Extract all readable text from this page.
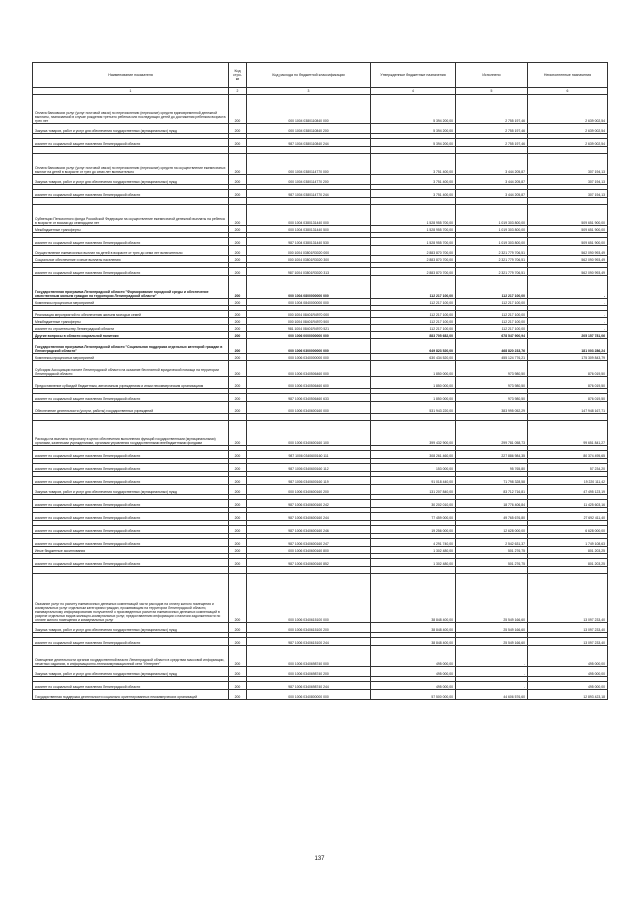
Наименование показателя	Код стро- ки	Код расхода по бюджетной классификации	Утвержденные бюджетные назначения	Исполнено	Неисполненные назначения
1	2	3	4	5	6
Оплата банковских услуг (услуг почтовой связи) по перечислению (пересылке) средств единовременной денежной выплаты, назначаемой в случае рождения третьего ребенка или последующих детей до достижения ребенком возраста трех лет	200	000 1004 0380110840 000	5 394 200,00	2 755 197,46	2 639 002,54
Закупка товаров, работ и услуг для обеспечения государственных (муниципальных) нужд	200	000 1004 0380110840 200	5 394 200,00	2 755 197,46	2 639 002,54

комитет по социальной защите населения Ленинградской области	200	987 1004 0380110840 244	5 394 200,00	2 755 197,46	2 639 002,54

Оплата банковских услуг (услуг почтовой связи) по перечислению (пересылке) средств на осуществление ежемесячных выплат на детей в возрасте от трех до семи лет включительно	200	000 1004 0380114770 000	3 751 400,00	3 444 205,87	307 194,13
Закупка товаров, работ и услуг для обеспечения государственных (муниципальных) нужд	200	000 1004 0380114770 200	3 751 400,00	3 444 205,87	307 194,13

комитет по социальной защите населения Ленинградской области	200	987 1004 0380114770 244	3 751 400,00	3 444 205,87	307 194,13

Субвенции Пенсионного фонда Российской Федерации на осуществление ежемесячной денежной выплаты на ребенка в возрасте от восьми до семнадцати лет	200	000 1004 0380131440 000	1 528 955 700,00	1 019 303 800,00	509 651 900,00
Межбюджетные трансферты	200	000 1004 0380131440 500	1 528 955 700,00	1 019 303 800,00	509 651 900,00

комитет по социальной защите населения Ленинградской области	200	987 1004 0380131440 530	1 528 955 700,00	1 019 303 800,00	509 651 900,00
Осуществление ежемесячных выплат на детей в возрасте от трех до семи лет включительно	200	000 1004 03801R3020 000	2 883 870 700,00	2 321 779 706,51	562 090 993,49
Социальное обеспечение и иные выплаты населению	200	000 1004 03801R3020 300	2 883 870 700,00	2 321 779 706,51	562 090 993,49

комитет по социальной защите населения Ленинградской области	200	987 1004 03801R3020 313	2 883 870 700,00	2 321 779 706,51	562 090 993,49
Государственная программа Ленинградской области "Формирование городской среды и обеспечение качественным жильем граждан на территории Ленинградской области"	200	000 1004 0800000000 000	112 217 100,00	112 217 100,00	-
Комплексы процессных мероприятий	200	000 1004 0840000000 000	112 217 100,00	112 217 100,00	-

Реализация мероприятий по обеспечению жильем молодых семей	200	000 1004 08401R4970 000	112 217 100,00	112 217 100,00	-
Межбюджетные трансферты	200	000 1004 08401R4970 500	112 217 100,00	112 217 100,00	-
комитет по строительству Ленинградской области	200	981 1004 08401R4970 521	112 217 100,00	112 217 100,00	-
Другие вопросы в области социальной политики	200	000 1006 0000000000 000	883 705 682,00	678 547 900,94	205 157 781,06
Государственная программа Ленинградской области "Социальная поддержка отдельных категорий граждан в Ленинградской области"	200	000 1006 0300000000 000	649 823 520,00	468 820 233,76	181 003 286,24
Комплексы процессных мероприятий	200	000 1006 0340000000 000	630 434 520,00	455 124 776,21	175 309 843,79
Субсидия Ассоциации палате Ленинградской области на оказание бесплатной юридической помощи на территории Ленинградской области	200	000 1006 0340506460 000	1 850 000,00	973 980,50	876 019,50
Предоставление субсидий бюджетным, автономным учреждениям и иным некоммерческим организациям	200	000 1006 0340506460 600	1 850 000,00	973 980,50	876 019,50

комитет по социальной защите населения Ленинградской области	200	987 1006 0340506460 633	1 850 000,00	973 980,50	876 019,50
Обеспечение деятельности (услуги, работы) государственных учреждений	200	000 1006 0340600160 000	531 943 220,00	383 995 052,29	147 948 167,71

Расходы на выплаты персоналу в целях обеспечения выполнения функций государственными (муниципальными) органами, казенными учреждениями, органами управления государственными внебюджетными фондами	200	000 1006 0340600160 100	399 432 900,00	299 781 058,73	99 651 841,27

комитет по социальной защите населения Ленинградской области	200	987 1006 0340600160 111	308 261 460,00	227 886 984,35	80 374 495,65

комитет по социальной защите населения Ленинградской области	200	987 1006 0340600160 112	153 000,00	95 765,80	57 234,20

комитет по социальной защите населения Ленинградской области	200	987 1006 0340600160 119	91 018 440,00	71 798 328,58	19 220 111,42
Закупка товаров, работ и услуг для обеспечения государственных (муниципальных) нужд	200	000 1006 0340600160 200	131 207 840,00	83 712 716,81	47 495 123,19

комитет по социальной защите населения Ленинградской области	200	987 1006 0340600160 242	30 202 010,00	18 776 406,84	11 425 603,16

комитет по социальной защите населения Ленинградской области	200	987 1006 0340600160 244	77 459 000,00	49 765 676,80	27 692 411,40

комитет по социальной защите населения Ленинградской области	200	987 1006 0340600160 246	19 256 000,00	12 628 000,00	6 628 000,00

комитет по социальной защите населения Ленинградской области	200	987 1006 0340600160 247	4 291 740,00	2 542 631,37	1 749 108,63
Иные бюджетные ассигнования	200	000 1006 0340600160 800	1 302 480,00	501 276,75	801 203,25

комитет по социальной защите населения Ленинградской области	200	987 1006 0340600160 852	1 302 480,00	501 276,75	801 203,25

Оказание услуг по расчету ежемесячных денежных компенсаций части расходов на оплату жилого помещения и коммунальных услуг отдельным категориям граждан, проживающим на территории Ленинградской области, ежеквартальному информированию получателей о произведенных расчетах ежемесячных денежных компенсаций в разрезе отдельных видов жилищно-коммунальных услуг, предоставлению информации о наличии задолженности по оплате жилого помещения и коммунальных услуг	200	000 1006 0340615100 000	38 848 400,00	25 549 166,60	13 097 233,40
Закупка товаров, работ и услуг для обеспечения государственных (муниципальных) нужд	200	000 1006 0340615100 200	38 848 400,00	25 549 166,60	13 097 233,40

комитет по социальной защите населения Ленинградской области	200	987 1006 0340615100 244	38 848 400,00	25 549 166,60	13 097 233,40
Освещение деятельности органов государственной власти Ленинградской области в средствах массовой информации, печатных изданиях, в информационно-телекоммуникационной сети "Интернет"	200	000 1006 0340698740 000	495 000,00	-	495 000,00
Закупка товаров, работ и услуг для обеспечения государственных (муниципальных) нужд	200	000 1006 0340698740 200	495 000,00	-	495 000,00

комитет по социальной защите населения Ленинградской области	200	987 1006 0340698740 244	495 000,00	-	495 000,00
Государственная поддержка деятельности социально ориентированных некоммерческих организаций	200	000 1006 0340800000 000	57 500 000,00	44 606 576,60	12 893 423,18
137
